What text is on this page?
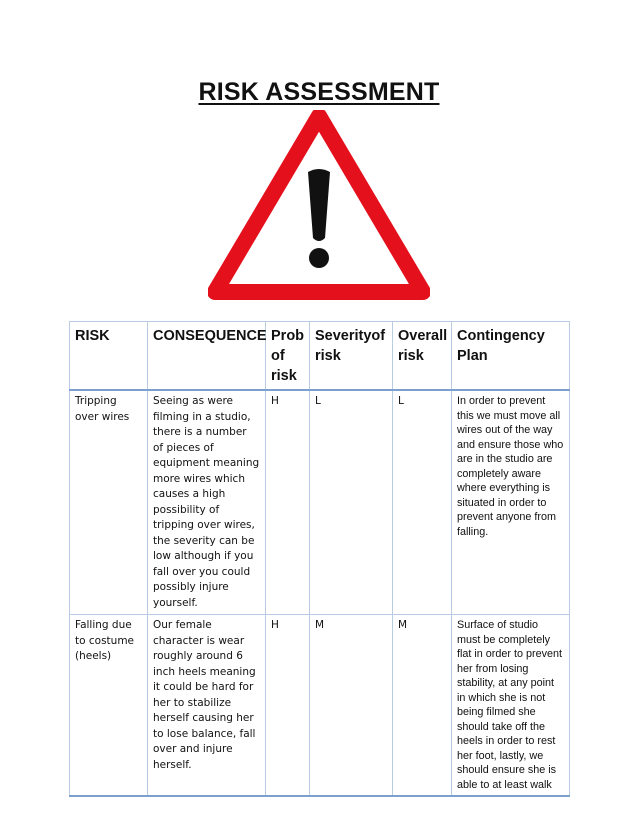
RISK ASSESSMENT
RISK	CONSEQUENCE	Prob of risk	Severityof risk	Overall risk	Contingency Plan
Tripping over wires	Seeing as were filming in a studio, there is a number of pieces of equipment meaning more wires which causes a high possibility of tripping over wires, the severity can be low although if you fall over you could possibly injure yourself.	H	L	L	In order to prevent this we must move all wires out of the way and ensure those who are in the studio are completely aware where everything is situated in order to prevent anyone from falling.
Falling due to costume (heels)	Our female character is wear roughly around 6 inch heels meaning it could be hard for her to stabilize herself causing her to lose balance, fall over and injure herself.	H	M	M	Surface of studio must be completely flat in order to prevent her from losing stability, at any point in which she is not being filmed she should take off the heels in order to rest her foot, lastly, we should ensure she is able to at least walk
